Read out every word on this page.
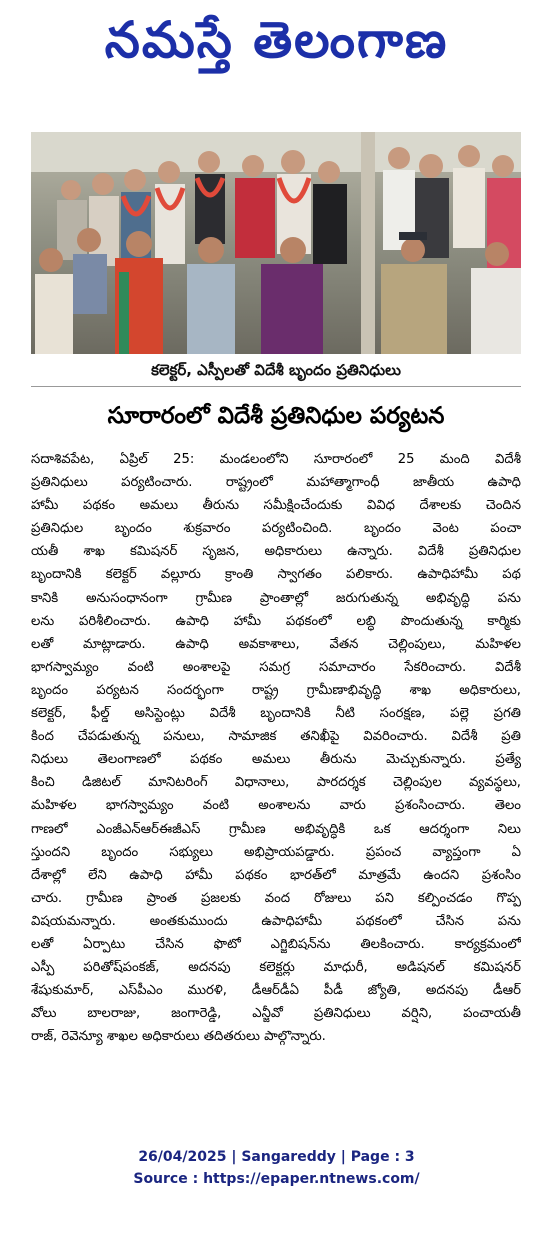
నమస్తే తెలంగాణ
కలెక్టర్‌, ఎస్పీలతో విదేశీ బృందం ప్రతినిధులు
సూరారంలో విదేశీ ప్రతినిధుల పర్యటన
సదాశివపేట, ఏప్రిల్‌ 25: మండలంలోని సూరారంలో 25 మంది విదేశీ
ప్రతినిధులు పర్యటించారు. రాష్ట్రంలో మహాత్మాగాంధీ జాతీయ ఉపాధి
హామీ పథకం అమలు తీరును సమీక్షించేందుకు వివిధ దేశాలకు చెందిన
ప్రతినిధుల బృందం శుక్రవారం పర్యటించింది. బృందం వెంట పంచా
యతీ శాఖ కమిషనర్‌ సృజన, అధికారులు ఉన్నారు. విదేశీ ప్రతినిధుల
బృందానికి కలెక్టర్‌ వల్లూరు క్రాంతి స్వాగతం పలికారు. ఉపాధిహామీ పథ
కానికి అనుసంధానంగా గ్రామీణ ప్రాంతాల్లో జరుగుతున్న అభివృద్ధి పను
లను పరిశీలించారు. ఉపాధి హామీ పథకంలో లబ్ధి పొందుతున్న కార్మికు
లతో మాట్లాడారు. ఉపాధి అవకాశాలు, వేతన చెల్లింపులు, మహిళల
భాగస్వామ్యం వంటి అంశాలపై సమగ్ర సమాచారం సేకరించారు. విదేశీ
బృందం పర్యటన సందర్భంగా రాష్ట్ర గ్రామీణాభివృద్ధి శాఖ అధికారులు,
కలెక్టర్‌, ఫీల్డ్‌ అసిస్టెంట్లు విదేశీ బృందానికి నీటి సంరక్షణ, పల్లె ప్రగతి
కింద చేపడుతున్న పనులు, సామాజిక తనిఖీపై వివరించారు. విదేశీ ప్రతి
నిధులు తెలంగాణలో పథకం అమలు తీరును మెచ్చుకున్నారు. ప్రత్యే
కించి డిజిటల్‌ మానిటరింగ్‌ విధానాలు, పారదర్శక చెల్లింపుల వ్యవస్థలు,
మహిళల భాగస్వామ్యం వంటి అంశాలను వారు ప్రశంసించారు. తెలం
గాణలో ఎంజీఎన్‌ఆర్‌ఈజీఎస్‌ గ్రామీణ అభివృద్ధికి ఒక ఆదర్శంగా నిలు
స్తుందని బృందం సభ్యులు అభిప్రాయపడ్డారు. ప్రపంచ వ్యాప్తంగా ఏ
దేశాల్లో లేని ఉపాధి హామీ పథకం భారత్‌లో మాత్రమే ఉందని ప్రశంసిం
చారు. గ్రామీణ ప్రాంత ప్రజలకు వంద రోజులు పని కల్పించడం గొప్ప
విషయమన్నారు. అంతకుముందు ఉపాధిహామీ పథకంలో చేసిన పను
లతో ఏర్పాటు చేసిన ఫొటో ఎగ్జిబిషన్‌ను తిలకించారు. కార్యక్రమంలో
ఎస్పీ పరితోష్‌పంకజ్‌, అదనపు కలెక్టర్లు మాధురీ, అడిషనల్‌ కమిషనర్‌
శేషుకుమార్‌, ఎస్‌పీఎం మురళి, డీఆర్‌డీఏ పీడీ జ్యోతి, అదనపు డీఆర్‌
వోలు బాలరాజు, జంగారెడ్డి, ఎన్జీవో ప్రతినిధులు వర్షిని, పంచాయతీ
రాజ్‌, రెవెన్యూ శాఖల అధికారులు తదితరులు పాల్గొన్నారు.
26/04/2025 | Sangareddy | Page : 3
Source : https://epaper.ntnews.com/
